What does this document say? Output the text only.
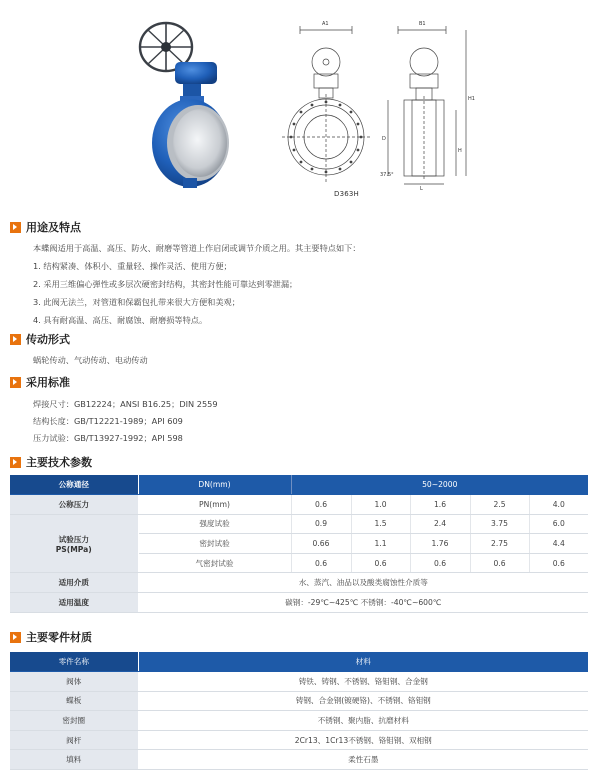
A1	B1
H1
D
H
L
37.5°
D363H
用途及特点
本蝶阀适用于高温、高压、防火、耐磨等管道上作启闭或调节介质之用。其主要特点如下：
1. 结构紧凑、体积小、重量轻、操作灵活、使用方便；
2. 采用三维偏心弹性或多层次硬密封结构，其密封性能可靠达到零泄漏；
3. 此阀无法兰，对管道和保霸包扎带来很大方便和美观；
4. 具有耐高温、高压、耐腐蚀、耐磨损等特点。
传动形式
蜗轮传动、气动传动、电动传动
采用标准
焊接尺寸：GB12224；ANSI B16.25；DIN 2559
结构长度：GB/T12221-1989；API 609
压力试验：GB/T13927-1992；API 598
主要技术参数
公称通径	DN(mm)	50~2000				
公称压力	PN(mm)	0.6	1.0	1.6	2.5	4.0
试验压力
PS(MPa)	强度试验	0.9	1.5	2.4	3.75	6.0
	密封试验	0.66	1.1	1.76	2.75	4.4
	气密封试验	0.6	0.6	0.6	0.6	0.6
适用介质	水、蒸汽、油品以及酸类腐蚀性介质等					
适用温度	碳钢：-29℃~425℃ 不锈钢：-40℃~600℃					
主要零件材质
零件名称	材料
阀体	铸铁、铸钢、不锈钢、铬钼钢、合金钢
蝶板	铸钢、合金钢(镀硬铬)、不锈钢、铬钼钢
密封圈	不锈钢、聚内脂、抗磨材料
阀杆	2Cr13、1Cr13不锈钢、铬钼钢、双相钢
填料	柔性石墨
